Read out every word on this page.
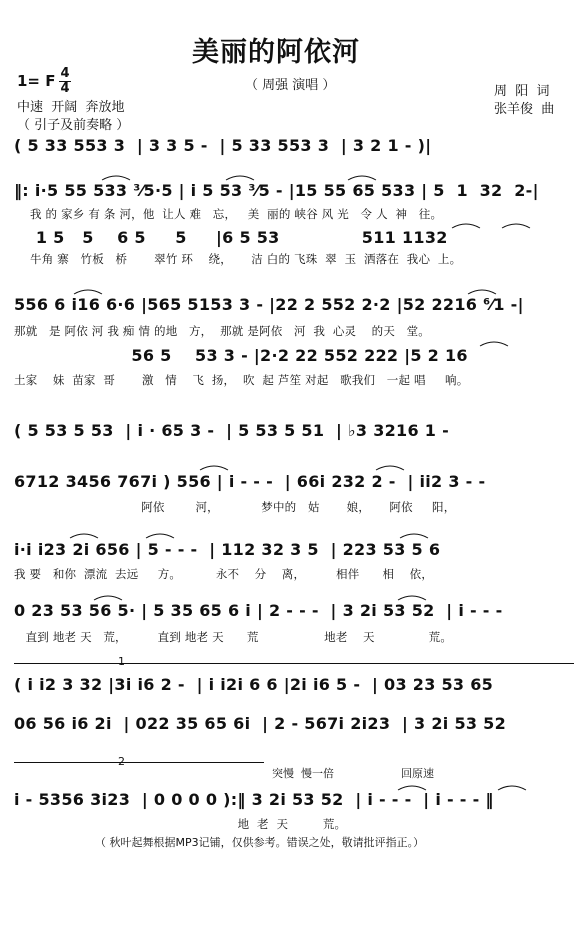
美丽的阿依河
1= F 4
4	（ 周强 演唱 ）	周  阳  词
张羊俊  曲
中速  开阔  奔放地
（ 引子及前奏略 ）
( 5 33 553 3  | 3 3 5 -  | 5 33 553 3  | 3 2 1 - )|
‖: i·5 55 533 ³⁄5·5 | i 5 53 ³⁄5 - |15 55 65 533 | 5  1  32  2-|
我 的 家乡 有 条 河，他  让人 难   忘，   美  丽的 峡谷 风 光   令 人  神   往。
1 5   5    6 5     5     |6 5 53              511 1132
牛角 寨   竹板   桥       翠竹 环    绕，     洁 白的 飞珠  翠  玉  洒落在  我心  上。
556 6 i16 6·6 |565 5153 3 - |22 2 552 2·2 |52 2216 ⁶⁄1 -|
那就   是 阿依 河 我 痴 情 的地   方，  那就 是阿依   河  我  心灵    的天   堂。
56 5    53 3 - |2·2 22 552 222 |5 2 16
土家    妹  苗家  哥       激   情    飞  扬，  吹  起 芦笙 对起   歌我们   一起 唱     响。
( 5 53 5 53  | i · 65 3 -  | 5 53 5 51  | ♭3 3216 1 -
6712 3456 767i ) 556 | i - - -  | 66i 232 2 -  | ii2 3 - -
阿依        河，           梦中的   姑       娘，     阿依     阳，
i·i i23 2i 656 | 5 - - -  | 112 32 3 5  | 223 53 5 6
我 要   和你  漂流  去远     方。         永不    分    离，        相伴      相    依，
0 23 53 56 5· | 5 35 65 6 i | 2 - - -  | 3 2i 53 52  | i - - -
直到 地老 天   荒，        直到 地老 天      荒                 地老    天              荒。
( i i2 3 32 |3i i6 2 -  | i i2i 6 6 |2i i6 5 -  | 03 23 53 65
06 56 i6 2i  | 022 35 65 6i  | 2 - 567i 2i23  | 3 2i 53 52
突慢  慢一倍	回原速
i - 5356 3i23  | 0 0 0 0 ):‖ 3 2i 53 52  | i - - -  | i - - - ‖
地  老  天         荒。
（ 秋叶起舞根据MP3记铺，仅供参考。错误之处，敬请批评指正。）
1
2
